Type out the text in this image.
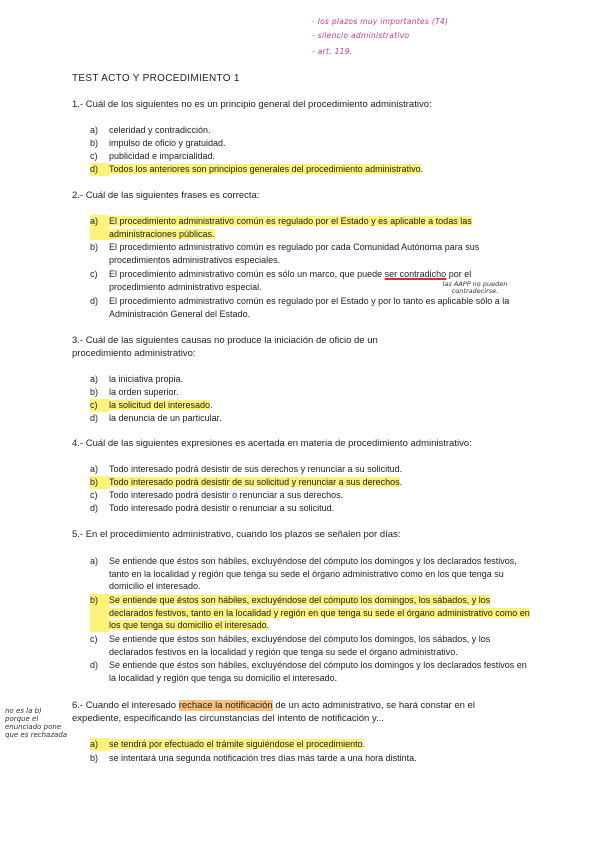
- los plazos muy importantes (T4)
- silencio administrativo
- art. 119.
no es la b)
porque el
enunciado pone
que es rechazada
las AAPP no pueden
contradecirse.
TEST ACTO Y PROCEDIMIENTO 1
1.- Cuál de los siguientes no es un principio general del procedimiento administrativo:
a)	celeridad y contradicción.
b)	impulso de oficio y gratuidad.
c)	publicidad e imparcialidad.
d)	Todos los anteriores son principios generales del procedimiento administrativo.
2.- Cuál de las siguientes frases es correcta:
a)	El procedimiento administrativo común es regulado por el Estado y es aplicable a todas las administraciones públicas.
b)	El procedimiento administrativo común es regulado por cada Comunidad Autónoma para sus procedimientos administrativos especiales.
c)	El procedimiento administrativo común es sólo un marco, que puede ser contradicho por el procedimiento administrativo especial.
d)	El procedimiento administrativo común es regulado por el Estado y por lo tanto es aplicable sólo a la Administración General del Estado.
3.- Cuál de las siguientes causas no produce la iniciación de oficio de un
procedimiento administrativo:
a)	la iniciativa propia.
b)	la orden superior.
c)	la solicitud del interesado.
d)	la denuncia de un particular.
4.- Cuál de las siguientes expresiones es acertada en materia de procedimiento administrativo:
a)	Todo interesado podrá desistir de sus derechos y renunciar a su solicitud.
b)	Todo interesado podrá desistir de su solicitud y renunciar a sus derechos.
c)	Todo interesado podrá desistir o renunciar a sus derechos.
d)	Todo interesado podrá desistir o renunciar a su solicitud.
5.- En el procedimiento administrativo, cuando los plazos se señalen por días:
a)	Se entiende que éstos son hábiles, excluyéndose del cómputo los domingos y los declarados festivos, tanto en la localidad y región que tenga su sede el órgano administrativo como en los que tenga su domicilio el interesado.
b)	Se entiende que éstos son hábiles, excluyéndose del cómputo los domingos, los sábados, y los declarados festivos, tanto en la localidad y región en que tenga su sede el órgano administrativo como en los que tenga su domicilio el interesado.
c)	Se entiende que éstos son hábiles, excluyéndose del cómputo los domingos, los sábados, y los declarados festivos en la localidad y región que tenga su sede el órgano administrativo.
d)	Se entiende que éstos son hábiles, excluyéndose del cómputo los domingos y los declarados festivos en la localidad y región que tenga su domicilio el interesado.
6.- Cuando el interesado rechace la notificación de un acto administrativo, se hará constar en el expediente, especificando las circunstancias del intento de notificación y...
a)	se tendrá por efectuado el trámite siguiéndose el procedimiento.
b)	se intentará una segunda notificación tres días más tarde a una hora distinta.
